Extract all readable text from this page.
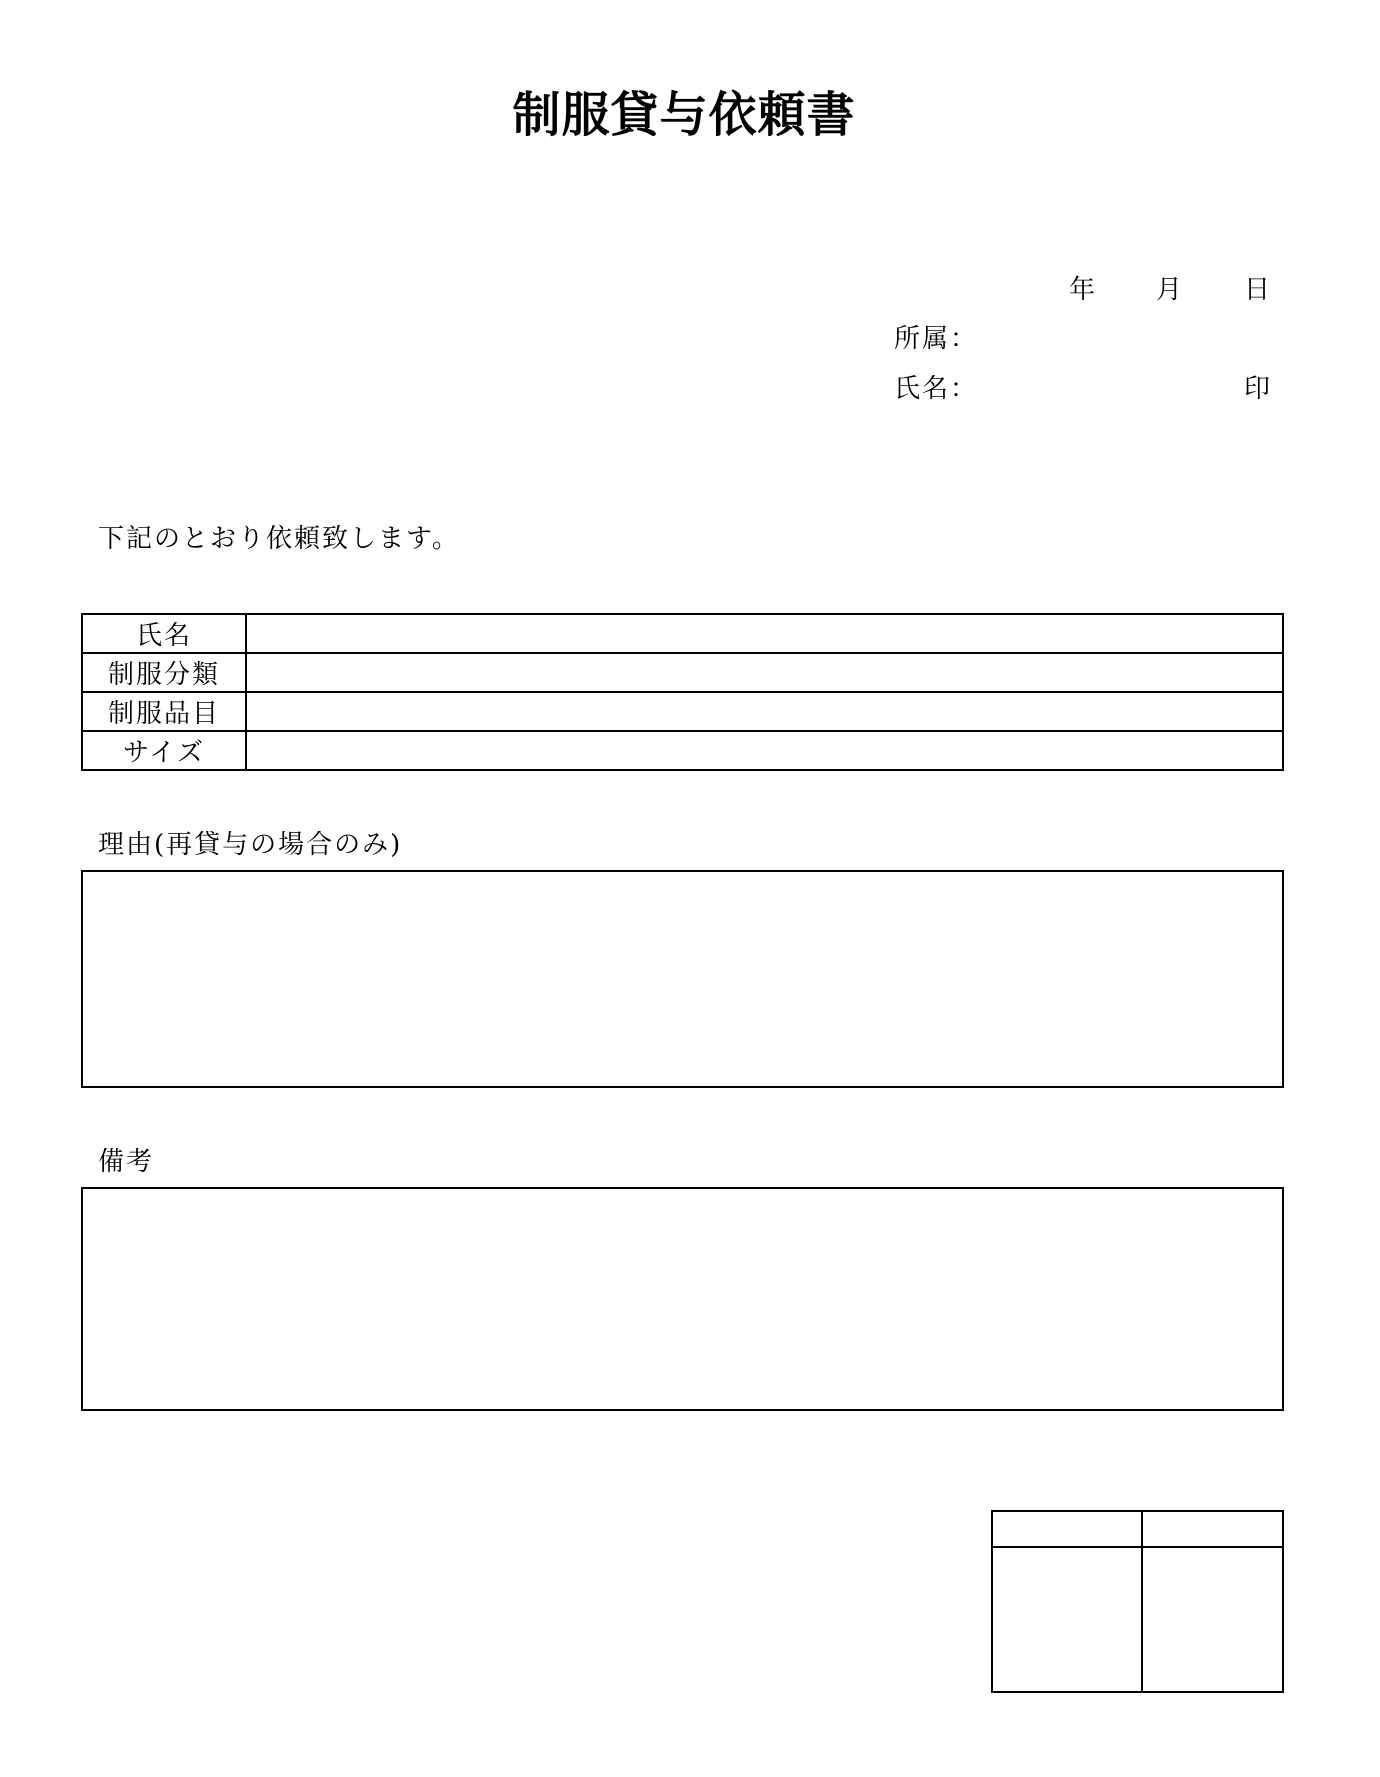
制服貸与依頼書
年 月 日
所属：
氏名：	印
下記のとおり依頼致します。
氏名
制服分類
制服品目
サイズ
理由(再貸与の場合のみ)
備考
